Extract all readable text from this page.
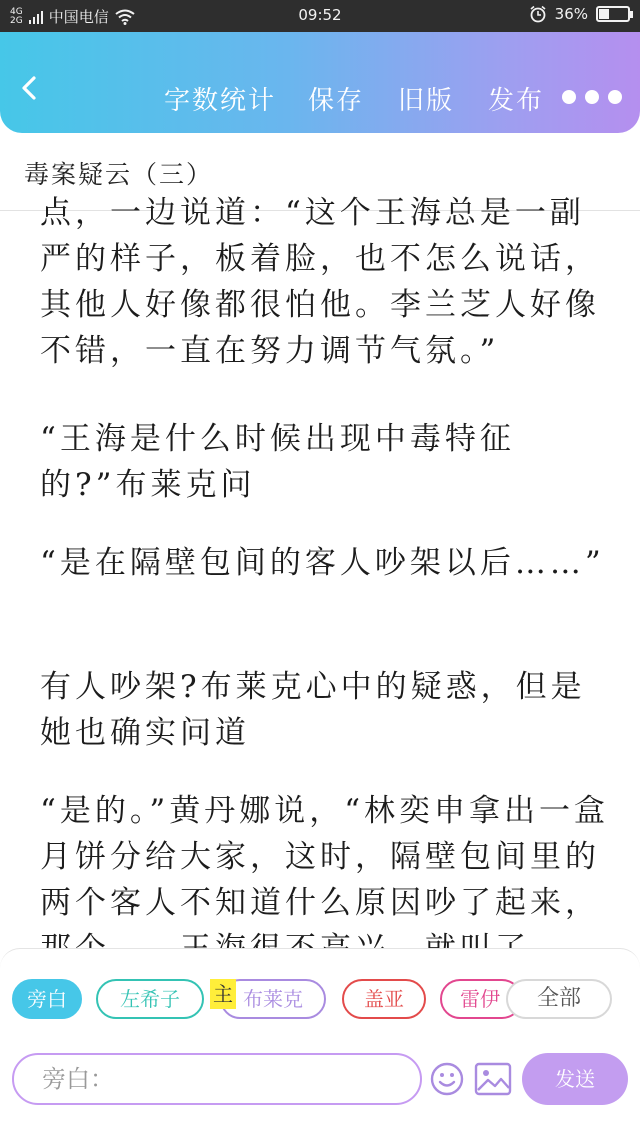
4G
2G 中国电信	09:52	36%
字数统计 保存 旧版 发布
毒案疑云（三）
点，一边说道：“这个王海总是一副严的样子，板着脸，也不怎么说话，其他人好像都很怕他。李兰芝人好像不错，一直在努力调节气氛。”
“王海是什么时候出现中毒特征的?”布莱克问
“是在隔壁包间的客人吵架以后……”
有人吵架?布莱克心中的疑惑，但是她也确实问道
“是的。”黄丹娜说，“林奕申拿出一盒月饼分给大家，这时，隔壁包间里的两个客人不知道什么原因吵了起来，
旁白	左希子	布莱克
主	盖亚	雷伊	全部
旁白：	发送
